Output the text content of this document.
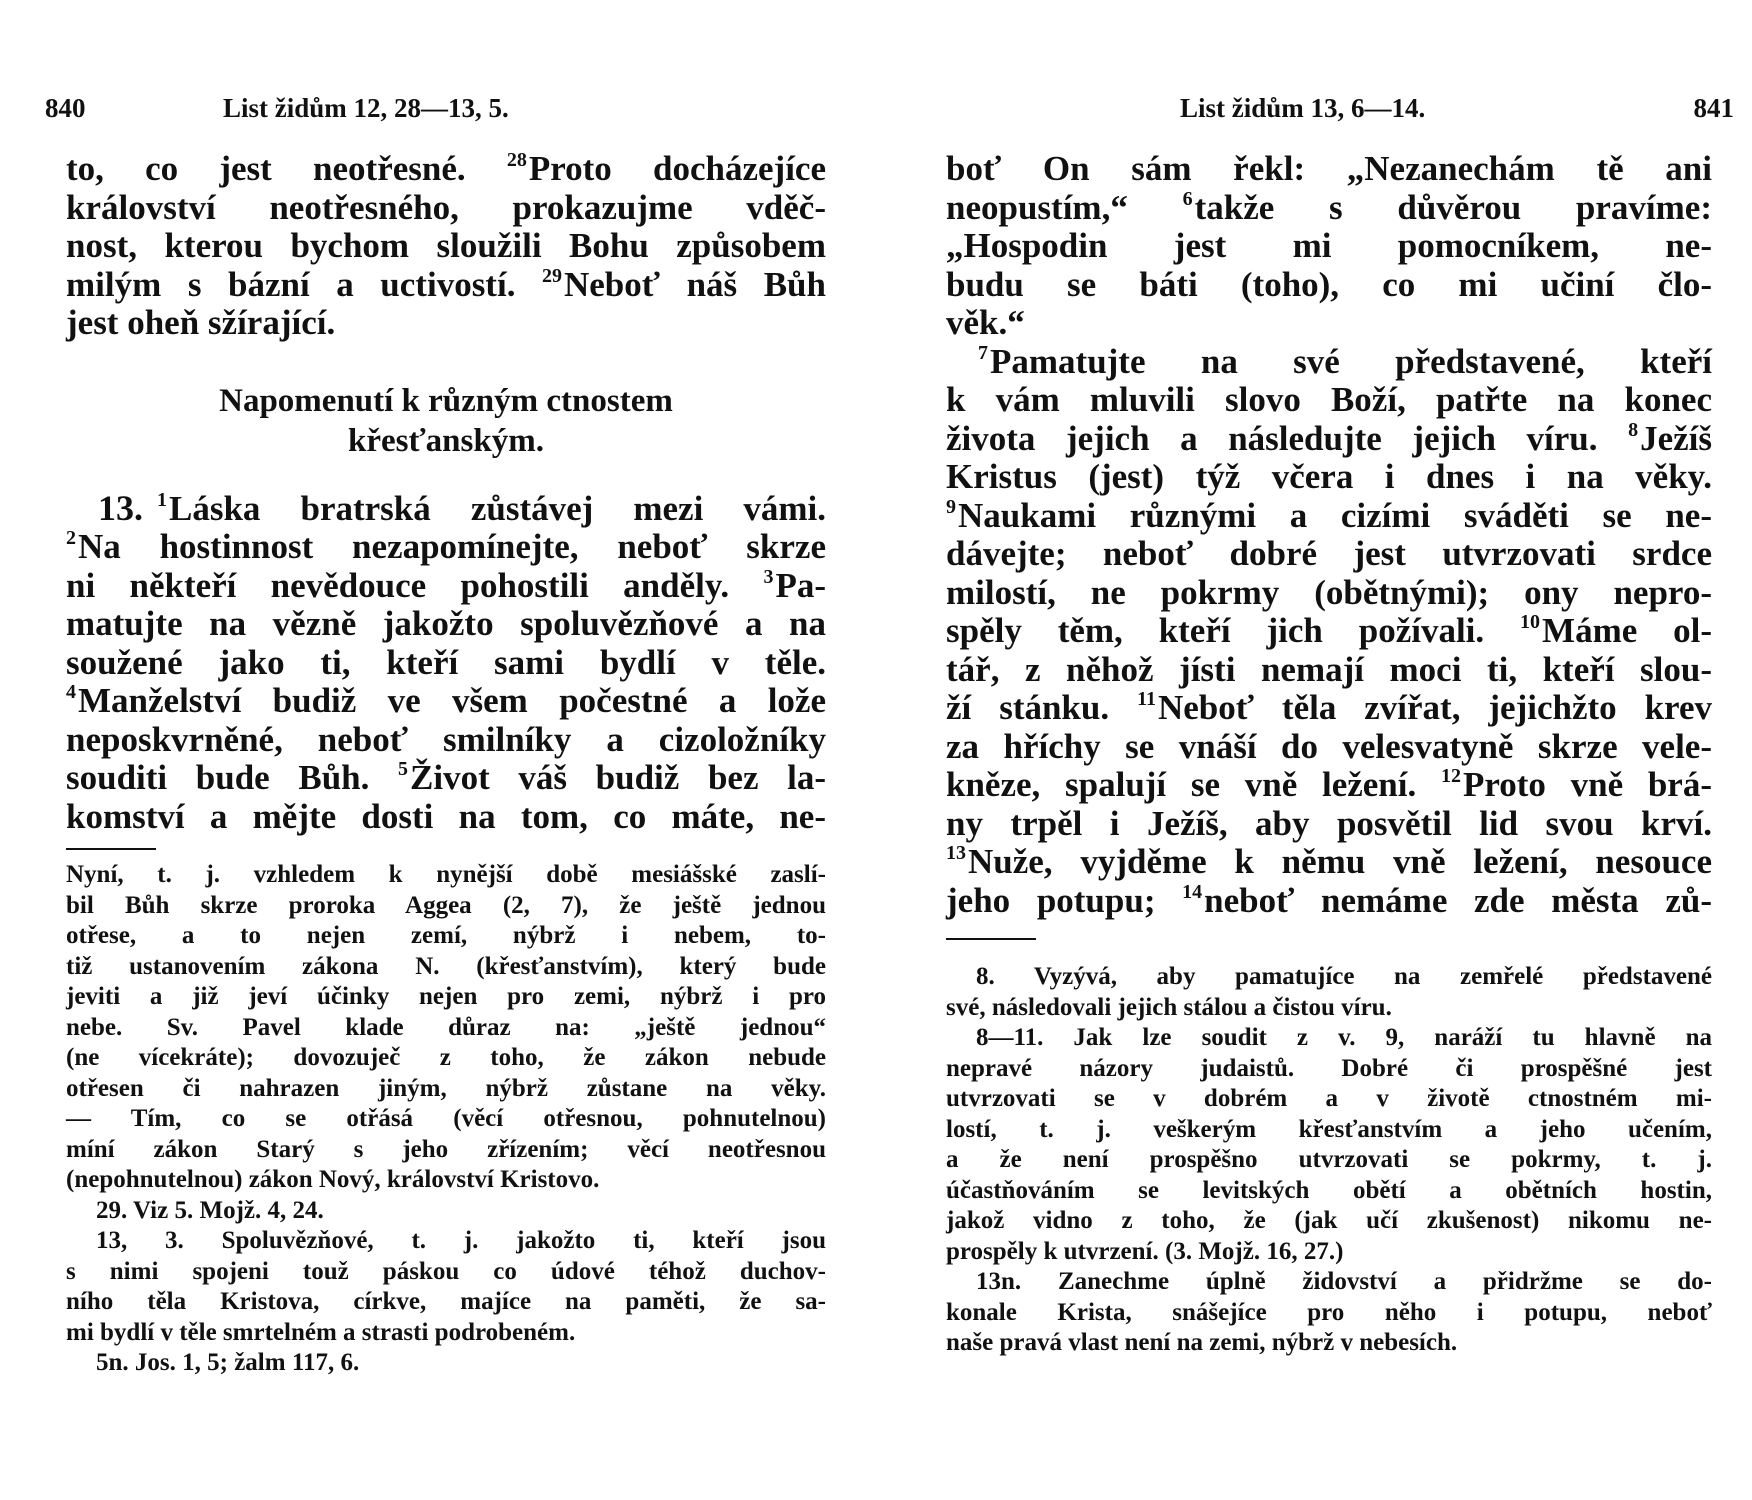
840	List židům 12, 28—13, 5.
to, co jest neotřesné. $^{28}$Proto docházejíce
království neotřesného, prokazujme vděč-
nost, kterou bychom sloužili Bohu způsobem
milým s bázní a uctivostí. $^{29}$Neboť náš Bůh
jest oheň sžírající.
Napomenutí k různým ctnostem
křesťanským.
13. $^1$Láska bratrská zůstávej mezi vámi.
$^2$Na hostinnost nezapomínejte, neboť skrze
ni někteří nevědouce pohostili anděly. $^3$Pa-
matujte na vězně jakožto spoluvězňové a na
soužené jako ti, kteří sami bydlí v těle.
$^4$Manželství budiž ve všem počestné a lože
neposkvrněné, neboť smilníky a cizoložníky
souditi bude Bůh. $^5$Život váš budiž bez la-
komství a mějte dosti na tom, co máte, ne-
Nyní, t. j. vzhledem k nynější době mesiášské zaslí-
bil Bůh skrze proroka Aggea (2, 7), že ještě jednou
otřese, a to nejen zemí, nýbrž i nebem, to-
tiž ustanovením zákona N. (křesťanstvím), který bude
jeviti a již jeví účinky nejen pro zemi, nýbrž i pro
nebe. Sv. Pavel klade důraz na: „ještě jednou“
(ne vícekráte); dovozuječ z toho, že zákon nebude
otřesen či nahrazen jiným, nýbrž zůstane na věky.
— Tím, co se otřásá (věcí otřesnou, pohnutelnou)
míní zákon Starý s jeho zřízením; věcí neotřesnou
(nepohnutelnou) zákon Nový, království Kristovo.
29. Viz 5. Mojž. 4, 24.
13, 3. Spoluvězňové, t. j. jakožto ti, kteří jsou
s nimi spojeni touž páskou co údové téhož duchov-
ního těla Kristova, církve, majíce na paměti, že sa-
mi bydlí v těle smrtelném a strasti podrobeném.
5n. Jos. 1, 5; žalm 117, 6.
List židům 13, 6—14.	841
boť On sám řekl: „Nezanechám tě ani
neopustím,“ $^6$takže s důvěrou pravíme:
„Hospodin jest mi pomocníkem, ne-
budu se báti (toho), co mi učiní člo-
věk.“
$^7$Pamatujte na své představené, kteří
k vám mluvili slovo Boží, patřte na konec
života jejich a následujte jejich víru. $^8$Ježíš
Kristus (jest) týž včera i dnes i na věky.
$^9$Naukami různými a cizími sváděti se ne-
dávejte; neboť dobré jest utvrzovati srdce
milostí, ne pokrmy (obětnými); ony nepro-
spěly těm, kteří jich požívali. $^{10}$Máme ol-
tář, z něhož jísti nemají moci ti, kteří slou-
ží stánku. $^{11}$Neboť těla zvířat, jejichžto krev
za hříchy se vnáší do velesvatyně skrze vele-
kněze, spalují se vně ležení. $^{12}$Proto vně brá-
ny trpěl i Ježíš, aby posvětil lid svou krví.
$^{13}$Nuže, vyjděme k němu vně ležení, nesouce
jeho potupu; $^{14}$neboť nemáme zde města zů-
8. Vyzývá, aby pamatujíce na zemřelé představené
své, následovali jejich stálou a čistou víru.
8—11. Jak lze soudit z v. 9, naráží tu hlavně na
nepravé názory judaistů. Dobré či prospěšné jest
utvrzovati se v dobrém a v životě ctnostném mi-
lostí, t. j. veškerým křesťanstvím a jeho učením,
a že není prospěšno utvrzovati se pokrmy, t. j.
účastňováním se levitských obětí a obětních hostin,
jakož vidno z toho, že (jak učí zkušenost) nikomu ne-
prospěly k utvrzení. (3. Mojž. 16, 27.)
13n. Zanechme úplně židovství a přidržme se do-
konale Krista, snášejíce pro něho i potupu, neboť
naše pravá vlast není na zemi, nýbrž v nebesích.
